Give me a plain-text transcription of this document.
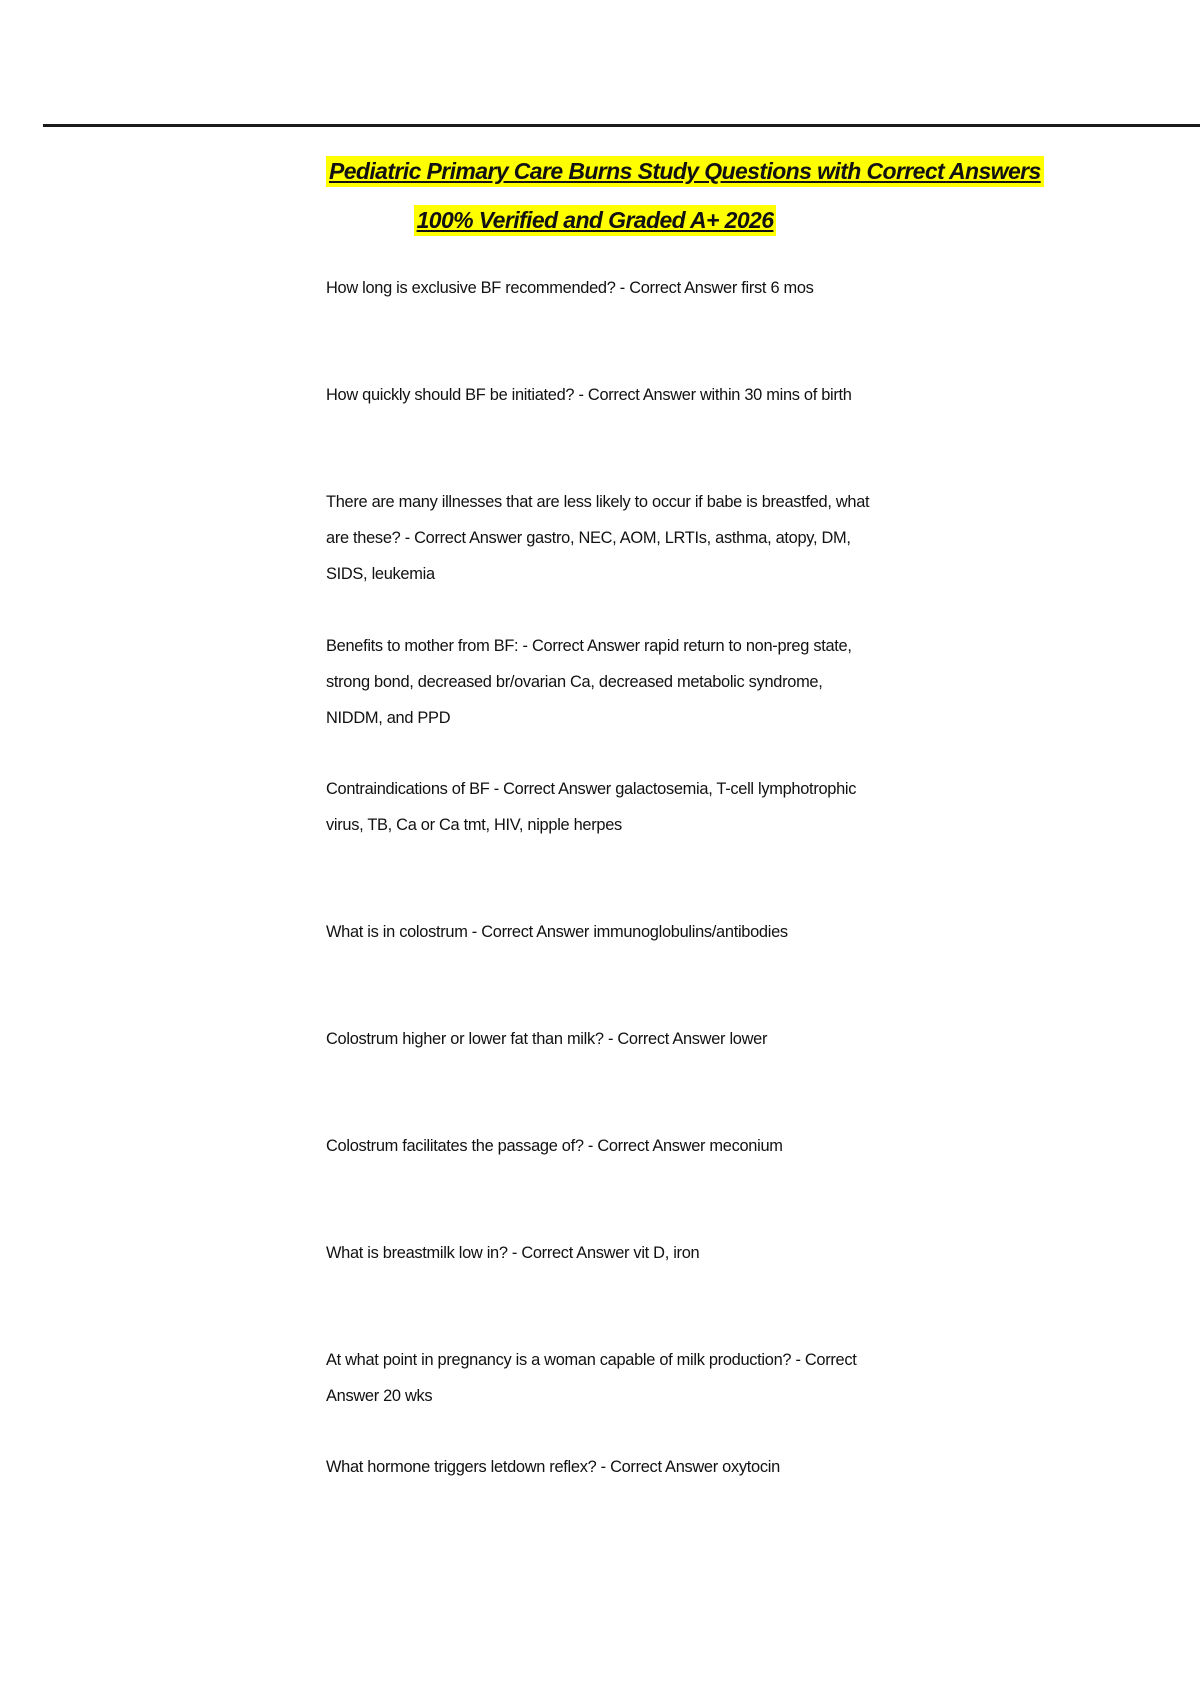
Pediatric Primary Care Burns Study Questions with Correct Answers
100% Verified and Graded A+ 2026
How long is exclusive BF recommended? - Correct Answer first 6 mos
How quickly should BF be initiated? - Correct Answer within 30 mins of birth
There are many illnesses that are less likely to occur if babe is breastfed, what are these? - Correct Answer gastro, NEC, AOM, LRTIs, asthma, atopy, DM, SIDS, leukemia
Benefits to mother from BF: - Correct Answer rapid return to non-preg state, strong bond, decreased br/ovarian Ca, decreased metabolic syndrome, NIDDM, and PPD
Contraindications of BF - Correct Answer galactosemia, T-cell lymphotrophic virus, TB, Ca or Ca tmt, HIV, nipple herpes
What is in colostrum - Correct Answer immunoglobulins/antibodies
Colostrum higher or lower fat than milk? - Correct Answer lower
Colostrum facilitates the passage of? - Correct Answer meconium
What is breastmilk low in? - Correct Answer vit D, iron
At what point in pregnancy is a woman capable of milk production? - Correct Answer 20 wks
What hormone triggers letdown reflex? - Correct Answer oxytocin
